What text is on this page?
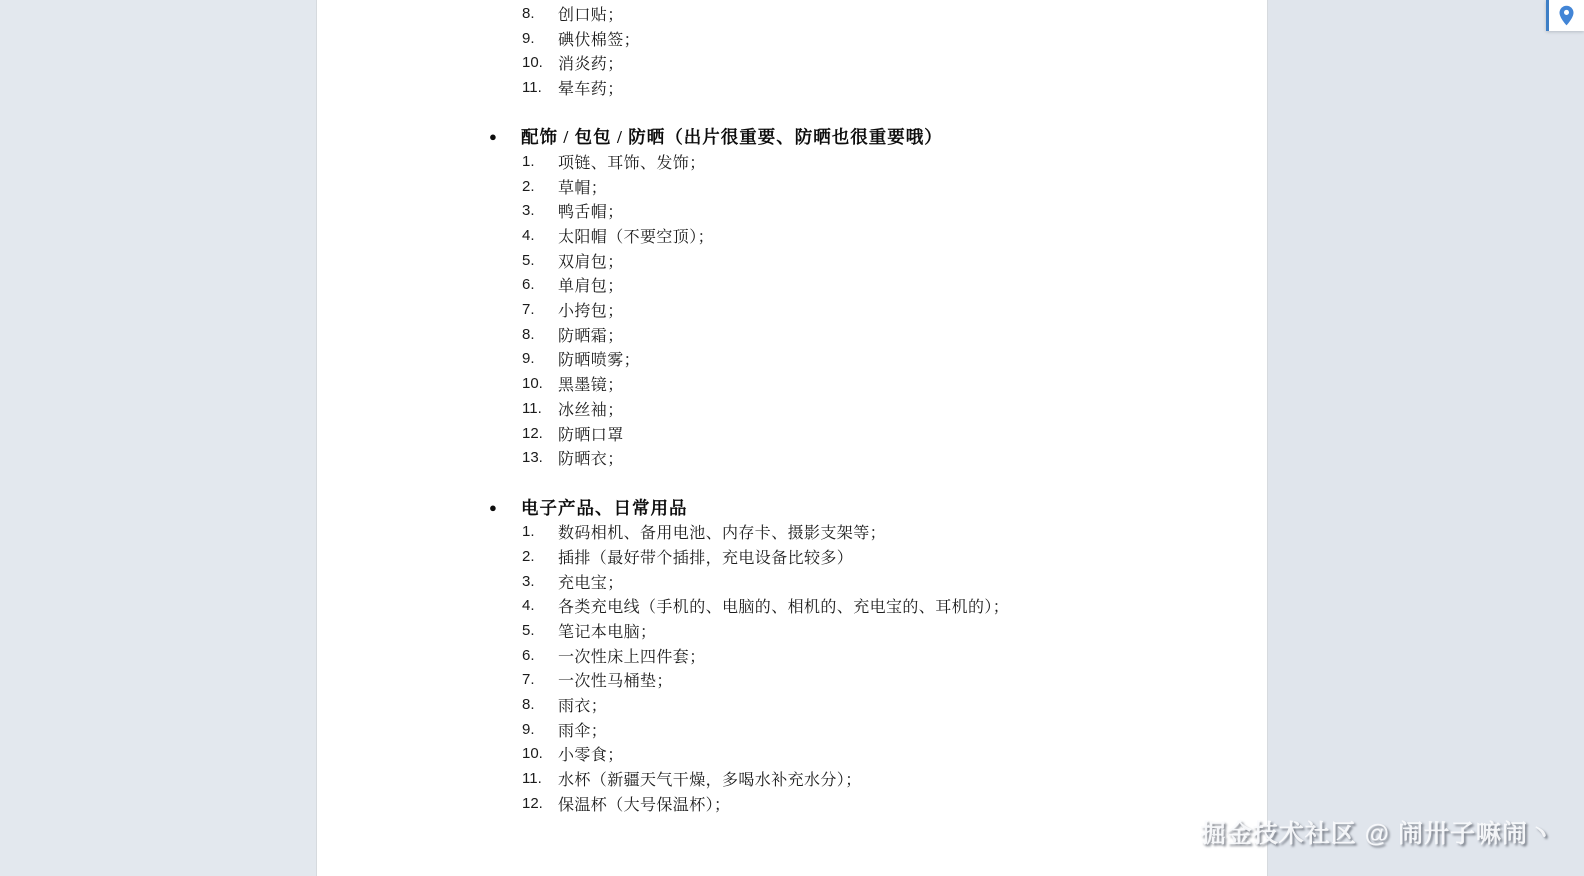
8.	创口贴；
9.	碘伏棉签；
10. 消炎药；
11.	晕车药；
●	配饰 / 包包 / 防晒（出片很重要、防晒也很重要哦）
1.	项链、耳饰、发饰；
2.	草帽；
3.	鸭舌帽；
4.	太阳帽（不要空顶）；
5.	双肩包；
6.	单肩包；
7.	小挎包；
8.	防晒霜；
9.	防晒喷雾；
10. 黑墨镜；
11.	冰丝袖；
12. 防晒口罩
13. 防晒衣；
●	电子产品、日常用品
1.	数码相机、备用电池、内存卡、摄影支架等；
2.	插排（最好带个插排，充电设备比较多）
3.	充电宝；
4.	各类充电线（手机的、电脑的、相机的、充电宝的、耳机的）；
5.	笔记本电脑；
6.	一次性床上四件套；
7.	一次性马桶垫；
8.	雨衣；
9.	雨伞；
10. 小零食；
11.	水杯（新疆天气干燥，多喝水补充水分）；
12. 保温杯（大号保温杯）；
掘金技术社区 @ 闹卅子嘛闹丶
